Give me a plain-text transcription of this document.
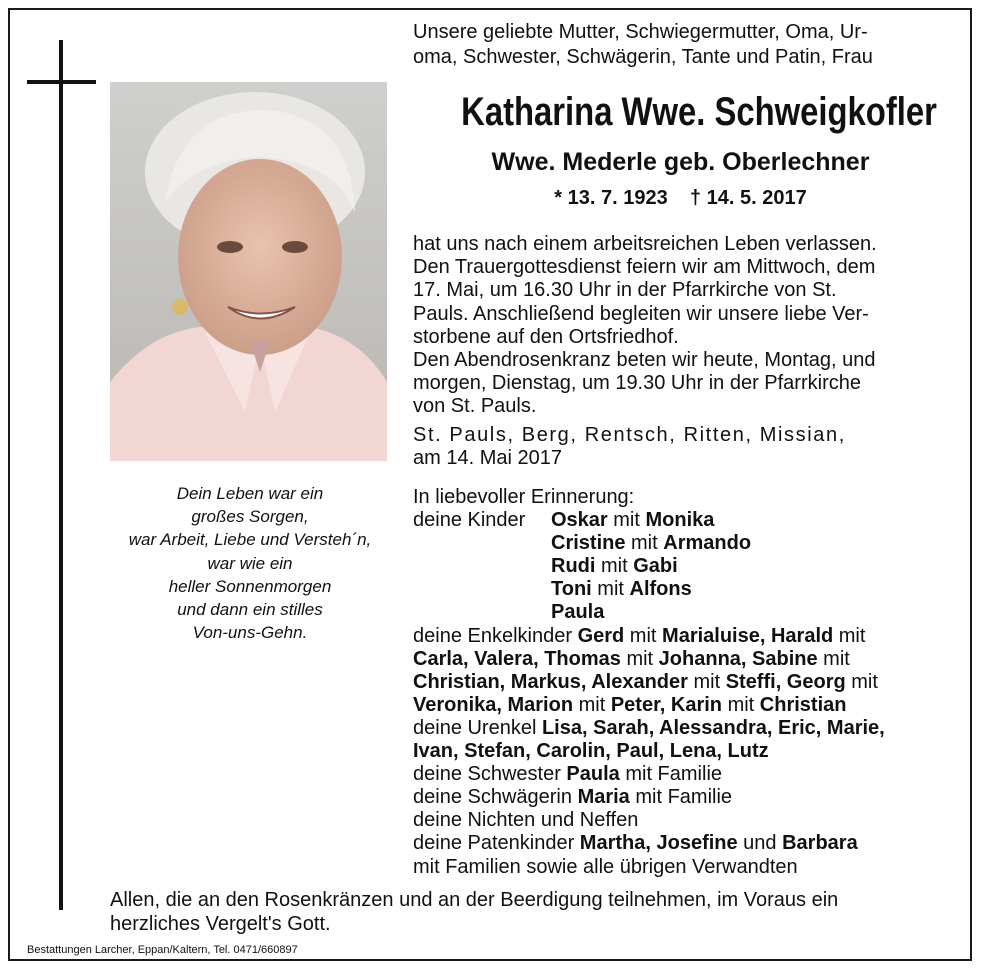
Dein Leben war ein
großes Sorgen,
war Arbeit, Liebe und Versteh´n,
war wie ein
heller Sonnenmorgen
und dann ein stilles
Von-uns-Gehn.
Unsere geliebte Mutter, Schwiegermutter, Oma, Ur-
oma, Schwester, Schwägerin, Tante und Patin, Frau
Katharina Wwe. Schweigkofler
Wwe. Mederle geb. Oberlechner
* 13. 7. 1923    † 14. 5. 2017
hat uns nach einem arbeitsreichen Leben verlassen.
Den Trauergottesdienst feiern wir am Mittwoch, dem
17. Mai, um 16.30 Uhr in der Pfarrkirche von St.
Pauls. Anschließend begleiten wir unsere liebe Ver-
storbene auf den Ortsfriedhof.
Den Abendrosenkranz beten wir heute, Montag, und
morgen, Dienstag, um 19.30 Uhr in der Pfarrkirche
von St. Pauls.
St. Pauls, Berg, Rentsch, Ritten, Missian,
am 14. Mai 2017
In liebevoller Erinnerung:
deine Kinder Oskar mit Monika
Cristine mit Armando
Rudi mit Gabi
Toni mit Alfons
Paula
deine Enkelkinder Gerd mit Marialuise, Harald mit
Carla, Valera, Thomas mit Johanna, Sabine mit
Christian, Markus, Alexander mit Steffi, Georg mit
Veronika, Marion mit Peter, Karin mit Christian
deine Urenkel Lisa, Sarah, Alessandra, Eric, Marie,
Ivan, Stefan, Carolin, Paul, Lena, Lutz
deine Schwester Paula mit Familie
deine Schwägerin Maria mit Familie
deine Nichten und Neffen
deine Patenkinder Martha, Josefine und Barbara
mit Familien sowie alle übrigen Verwandten
Allen, die an den Rosenkränzen und an der Beerdigung teilnehmen, im Voraus ein
herzliches Vergelt's Gott.
Bestattungen Larcher, Eppan/Kaltern, Tel. 0471/660897
